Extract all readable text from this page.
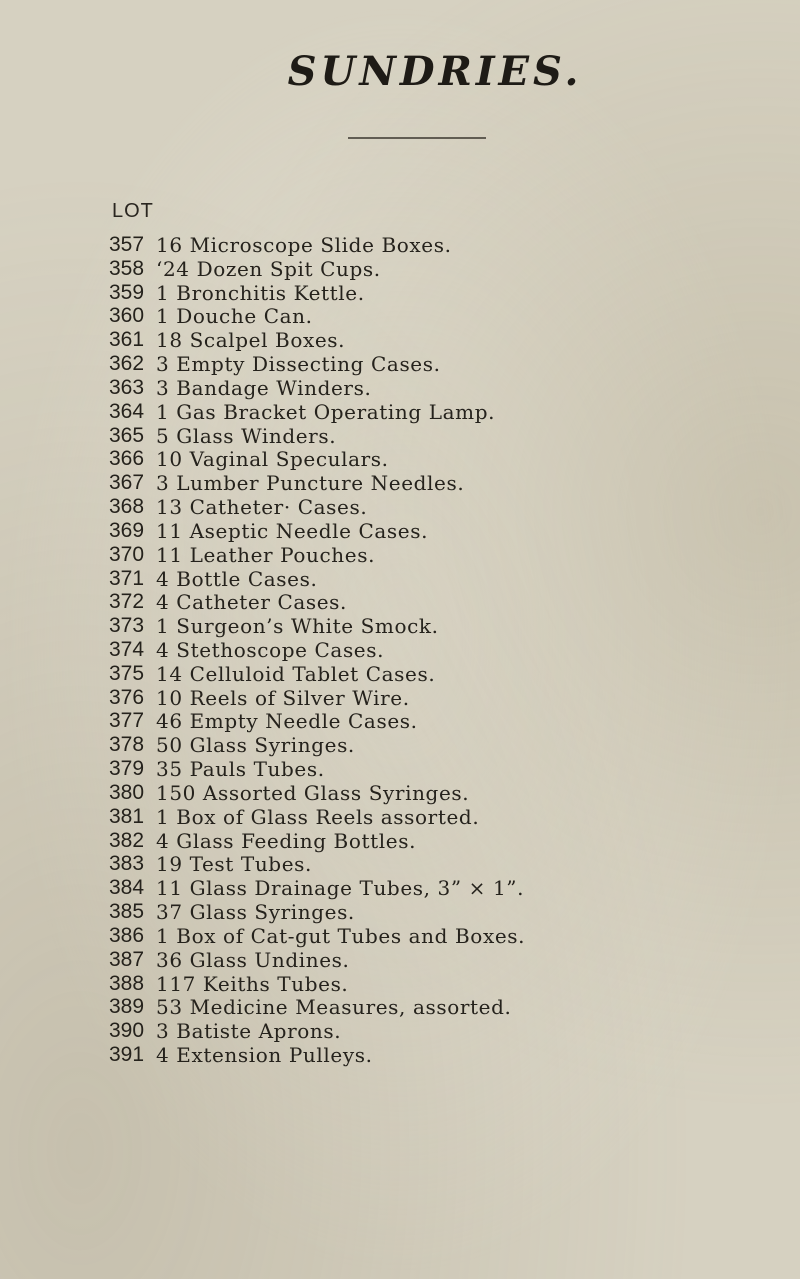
SUNDRIES.
LOT
357 16 Microscope Slide Boxes.
358 ‘24 Dozen Spit Cups.
359 1 Bronchitis Kettle.
360 1 Douche Can.
361 18 Scalpel Boxes.
362 3 Empty Dissecting Cases.
363 3 Bandage Winders.
364 1 Gas Bracket Operating Lamp.
365 5 Glass Winders.
366 10 Vaginal Speculars.
367 3 Lumber Puncture Needles.
368 13 Catheter· Cases.
369 11 Aseptic Needle Cases.
370 11 Leather Pouches.
371 4 Bottle Cases.
372 4 Catheter Cases.
373 1 Surgeon’s White Smock.
374 4 Stethoscope Cases.
375 14 Celluloid Tablet Cases.
376 10 Reels of Silver Wire.
377 46 Empty Needle Cases.
378 50 Glass Syringes.
379 35 Pauls Tubes.
380 150 Assorted Glass Syringes.
381 1 Box of Glass Reels assorted.
382 4 Glass Feeding Bottles.
383 19 Test Tubes.
384 11 Glass Drainage Tubes, 3” × 1”.
385 37 Glass Syringes.
386 1 Box of Cat-gut Tubes and Boxes.
387 36 Glass Undines.
388 117 Keiths Tubes.
389 53 Medicine Measures, assorted.
390 3 Batiste Aprons.
391 4 Extension Pulleys.
